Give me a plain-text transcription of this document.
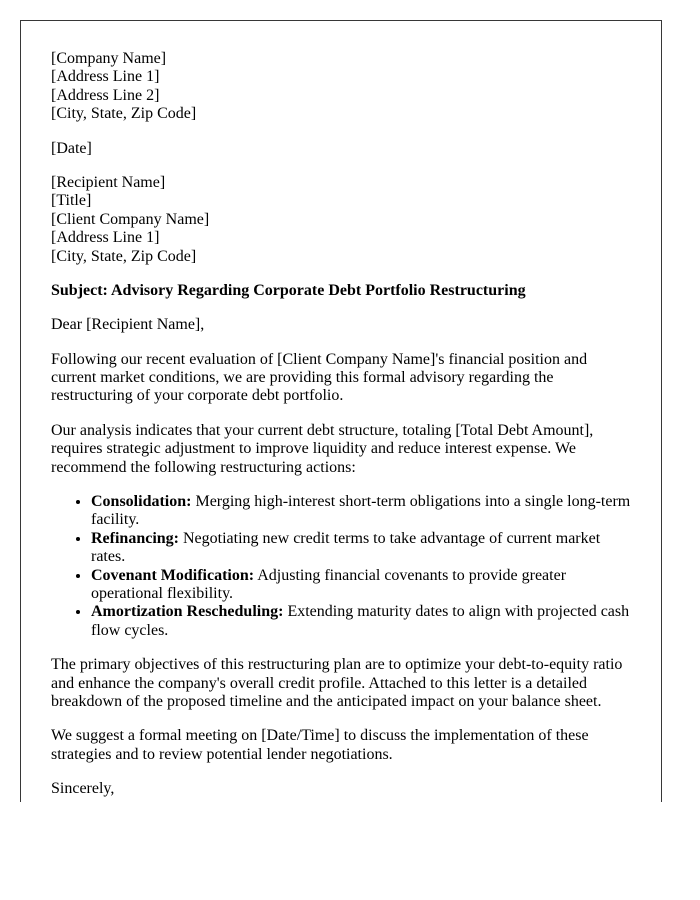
[Company Name]
[Address Line 1]
[Address Line 2]
[City, State, Zip Code]
[Date]
[Recipient Name]
[Title]
[Client Company Name]
[Address Line 1]
[City, State, Zip Code]

Subject: Advisory Regarding Corporate Debt Portfolio Restructuring

Dear [Recipient Name],

Following our recent evaluation of [Client Company Name]'s financial position and current market conditions, we are providing this formal advisory regarding the restructuring of your corporate debt portfolio.

Our analysis indicates that your current debt structure, totaling [Total Debt Amount], requires strategic adjustment to improve liquidity and reduce interest expense. We recommend the following restructuring actions:

• Consolidation: Merging high-interest short-term obligations into a single long-term facility.
• Refinancing: Negotiating new credit terms to take advantage of current market rates.
• Covenant Modification: Adjusting financial covenants to provide greater operational flexibility.
• Amortization Rescheduling: Extending maturity dates to align with projected cash flow cycles.

The primary objectives of this restructuring plan are to optimize your debt-to-equity ratio and enhance the company's overall credit profile. Attached to this letter is a detailed breakdown of the proposed timeline and the anticipated impact on your balance sheet.

We suggest a formal meeting on [Date/Time] to discuss the implementation of these strategies and to review potential lender negotiations.

Sincerely,
